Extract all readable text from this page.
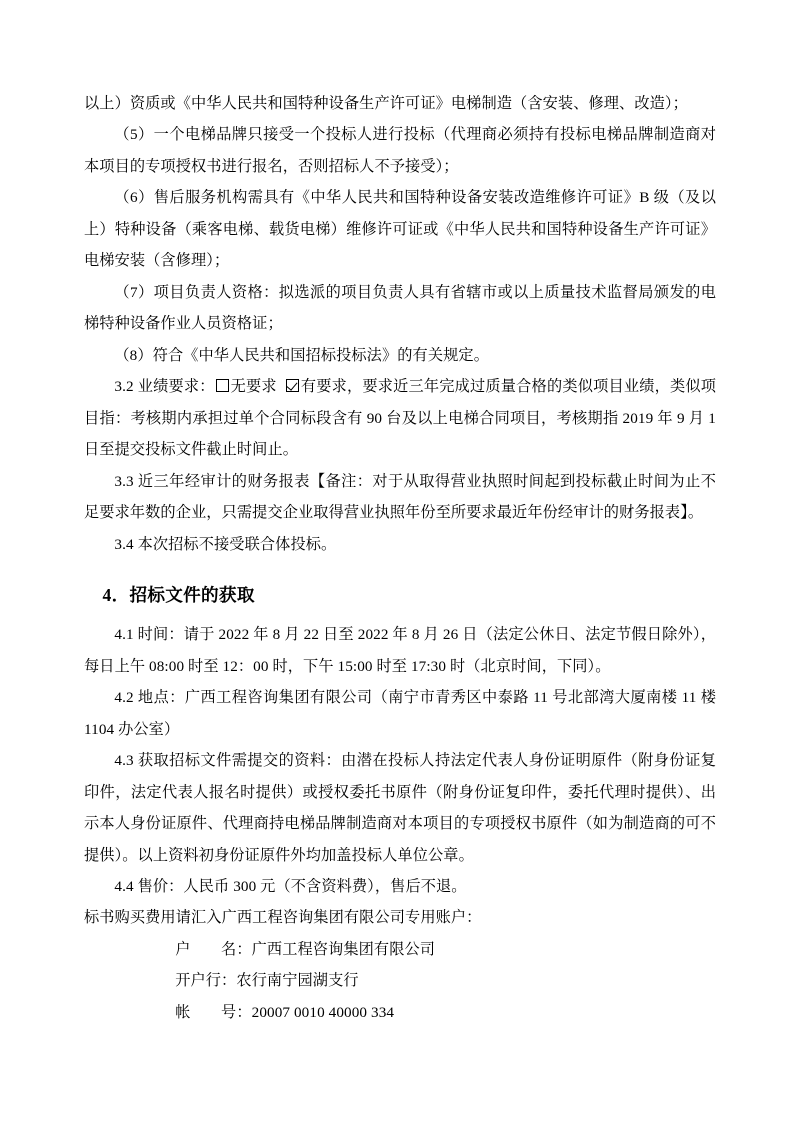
以上）资质或《中华人民共和国特种设备生产许可证》电梯制造（含安装、修理、改造）；

（5）一个电梯品牌只接受一个投标人进行投标（代理商必须持有投标电梯品牌制造商对本项目的专项授权书进行报名，否则招标人不予接受）；

（6）售后服务机构需具有《中华人民共和国特种设备安装改造维修许可证》B 级（及以上）特种设备（乘客电梯、载货电梯）维修许可证或《中华人民共和国特种设备生产许可证》电梯安装（含修理）；

（7）项目负责人资格：拟选派的项目负责人具有省辖市或以上质量技术监督局颁发的电梯特种设备作业人员资格证；

（8）符合《中华人民共和国招标投标法》的有关规定。

3.2 业绩要求： 无要求 有要求，要求近三年完成过质量合格的类似项目业绩，类似项目指：考核期内承担过单个合同标段含有 90 台及以上电梯合同项目，考核期指 2019 年 9 月 1 日至提交投标文件截止时间止。

3.3 近三年经审计的财务报表【备注：对于从取得营业执照时间起到投标截止时间为止不足要求年数的企业，只需提交企业取得营业执照年份至所要求最近年份经审计的财务报表】。

3.4 本次招标不接受联合体投标。

4．招标文件的获取

4.1 时间：请于 2022 年 8 月 22 日至 2022 年 8 月 26 日（法定公休日、法定节假日除外），每日上午 08:00 时至 12：00 时，下午 15:00 时至 17:30 时（北京时间，下同）。

4.2 地点：广西工程咨询集团有限公司（南宁市青秀区中泰路 11 号北部湾大厦南楼 11 楼 1104 办公室）

4.3 获取招标文件需提交的资料：由潜在投标人持法定代表人身份证明原件（附身份证复印件，法定代表人报名时提供）或授权委托书原件（附身份证复印件，委托代理时提供）、出示本人身份证原件、代理商持电梯品牌制造商对本项目的专项授权书原件（如为制造商的可不提供）。以上资料初身份证原件外均加盖投标人单位公章。

4.4 售价：人民币 300 元（不含资料费），售后不退。

标书购买费用请汇入广西工程咨询集团有限公司专用账户：

户　　名：广西工程咨询集团有限公司

开户行：农行南宁园湖支行

帐　　号：20007 0010 40000 334
